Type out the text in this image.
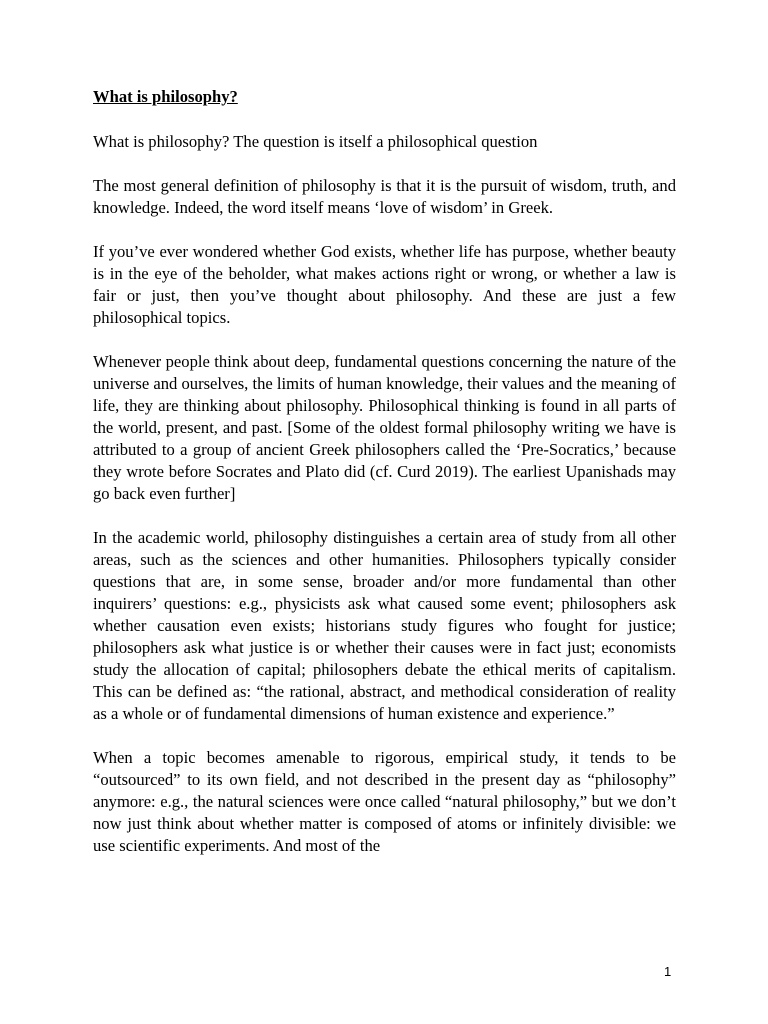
What is philosophy?

What is philosophy? The question is itself a philosophical question

The most general definition of philosophy is that it is the pursuit of wisdom, truth, and knowledge. Indeed, the word itself means ‘love of wisdom’ in Greek.

If you’ve ever wondered whether God exists, whether life has purpose, whether beauty is in the eye of the beholder, what makes actions right or wrong, or whether a law is fair or just, then you’ve thought about philosophy. And these are just a few philosophical topics.

Whenever people think about deep, fundamental questions concerning the nature of the universe and ourselves, the limits of human knowledge, their values and the meaning of life, they are thinking about philosophy. Philosophical thinking is found in all parts of the world, present, and past. [Some of the oldest formal philosophy writing we have is attributed to a group of ancient Greek philosophers called the ‘Pre-Socratics,’ because they wrote before Socrates and Plato did (cf. Curd 2019). The earliest Upanishads may go back even further]

In the academic world, philosophy distinguishes a certain area of study from all other areas, such as the sciences and other humanities. Philosophers typically consider questions that are, in some sense, broader and/or more fundamental than other inquirers’ questions: e.g., physicists ask what caused some event; philosophers ask whether causation even exists; historians study figures who fought for justice; philosophers ask what justice is or whether their causes were in fact just; economists study the allocation of capital; philosophers debate the ethical merits of capitalism. This can be defined as: “the rational, abstract, and methodical consideration of reality as a whole or of fundamental dimensions of human existence and experience.”

When a topic becomes amenable to rigorous, empirical study, it tends to be “outsourced” to its own field, and not described in the present day as “philosophy” anymore: e.g., the natural sciences were once called “natural philosophy,” but we don’t now just think about whether matter is composed of atoms or infinitely divisible: we use scientific experiments. And most of the

1
